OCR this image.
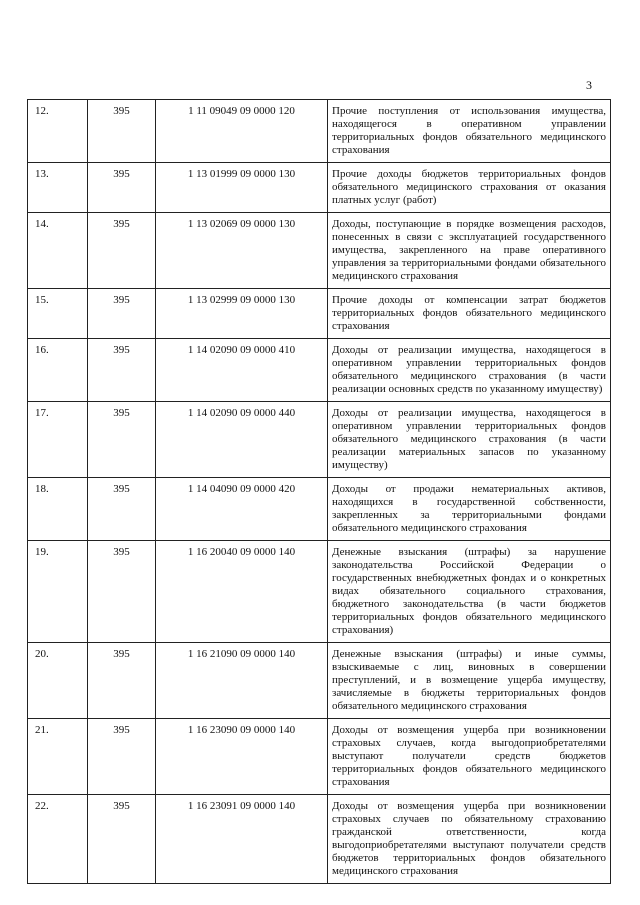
3
12.	395	1 11 09049 09 0000 120	Прочие поступления от использования имущества, находящегося в оперативном управлении территориальных фондов обязательного медицинского страхования
13.	395	1 13 01999 09 0000 130	Прочие доходы бюджетов территориальных фондов обязательного медицинского страхования от оказания платных услуг (работ)
14.	395	1 13 02069 09 0000 130	Доходы, поступающие в порядке возмещения расходов, понесенных в связи с эксплуатацией государственного имущества, закрепленного на праве оперативного управления за территориальными фондами обязательного медицинского страхования
15.	395	1 13 02999 09 0000 130	Прочие доходы от компенсации затрат бюджетов территориальных фондов обязательного медицинского страхования
16.	395	1 14 02090 09 0000 410	Доходы от реализации имущества, находящегося в оперативном управлении территориальных фондов обязательного медицинского страхования (в части реализации основных средств по указанному имуществу)
17.	395	1 14 02090 09 0000 440	Доходы от реализации имущества, находящегося в оперативном управлении территориальных фондов обязательного медицинского страхования (в части реализации материальных запасов по указанному имуществу)
18.	395	1 14 04090 09 0000 420	Доходы от продажи нематериальных активов, находящихся в государственной собственности, закрепленных за территориальными фондами обязательного медицинского страхования
19.	395	1 16 20040 09 0000 140	Денежные взыскания (штрафы) за нарушение законодательства Российской Федерации о государственных внебюджетных фондах и о конкретных видах обязательного социального страхования, бюджетного законодательства (в части бюджетов территориальных фондов обязательного медицинского страхования)
20.	395	1 16 21090 09 0000 140	Денежные взыскания (штрафы) и иные суммы, взыскиваемые с лиц, виновных в совершении преступлений, и в возмещение ущерба имуществу, зачисляемые в бюджеты территориальных фондов обязательного медицинского страхования
21.	395	1 16 23090 09 0000 140	Доходы от возмещения ущерба при возникновении страховых случаев, когда выгодоприобретателями выступают получатели средств бюджетов территориальных фондов обязательного медицинского страхования
22.	395	1 16 23091 09 0000 140	Доходы от возмещения ущерба при возникновении страховых случаев по обязательному страхованию гражданской ответственности, когда выгодоприобретателями выступают получатели средств бюджетов территориальных фондов обязательного медицинского страхования
